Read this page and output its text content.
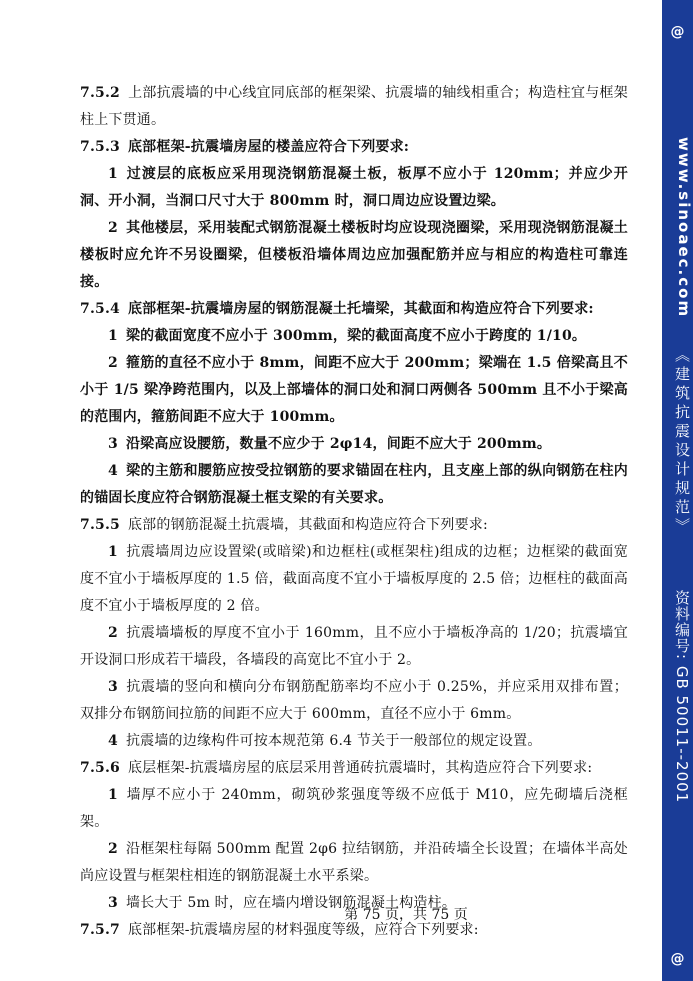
7.5.2 上部抗震墙的中心线宜同底部的框架梁、抗震墙的轴线相重合；构造柱宜与框架柱上下贯通。

7.5.3 底部框架-抗震墙房屋的楼盖应符合下列要求:

1 过渡层的底板应采用现浇钢筋混凝土板，板厚不应小于 120mm；并应少开洞、开小洞，当洞口尺寸大于 800mm 时，洞口周边应设置边梁。

2 其他楼层，采用装配式钢筋混凝土楼板时均应设现浇圈梁，采用现浇钢筋混凝土楼板时应允许不另设圈梁，但楼板沿墙体周边应加强配筋并应与相应的构造柱可靠连接。

7.5.4 底部框架-抗震墙房屋的钢筋混凝土托墙梁，其截面和构造应符合下列要求:

1 梁的截面宽度不应小于 300mm，梁的截面高度不应小于跨度的 1/10。

2 箍筋的直径不应小于 8mm，间距不应大于 200mm；梁端在 1.5 倍梁高且不小于 1/5 梁净跨范围内，以及上部墙体的洞口处和洞口两侧各 500mm 且不小于梁高的范围内，箍筋间距不应大于 100mm。

3 沿梁高应设腰筋，数量不应少于 2φ14，间距不应大于 200mm。

4 梁的主筋和腰筋应按受拉钢筋的要求锚固在柱内，且支座上部的纵向钢筋在柱内的锚固长度应符合钢筋混凝土框支梁的有关要求。

7.5.5 底部的钢筋混凝土抗震墙，其截面和构造应符合下列要求:

1 抗震墙周边应设置梁(或暗梁)和边框柱(或框架柱)组成的边框；边框梁的截面宽度不宜小于墙板厚度的 1.5 倍，截面高度不宜小于墙板厚度的 2.5 倍；边框柱的截面高度不宜小于墙板厚度的 2 倍。

2 抗震墙墙板的厚度不宜小于 160mm，且不应小于墙板净高的 1/20；抗震墙宜开设洞口形成若干墙段，各墙段的高宽比不宜小于 2。

3 抗震墙的竖向和横向分布钢筋配筋率均不应小于 0.25%，并应采用双排布置；双排分布钢筋间拉筋的间距不应大于 600mm，直径不应小于 6mm。

4 抗震墙的边缘构件可按本规范第 6.4 节关于一般部位的规定设置。

7.5.6 底层框架-抗震墙房屋的底层采用普通砖抗震墙时，其构造应符合下列要求:

1 墙厚不应小于 240mm，砌筑砂浆强度等级不应低于 M10，应先砌墙后浇框架。

2 沿框架柱每隔 500mm 配置 2φ6 拉结钢筋，并沿砖墙全长设置；在墙体半高处尚应设置与框架柱相连的钢筋混凝土水平系梁。

3 墙长大于 5m 时，应在墙内增设钢筋混凝土构造柱。

7.5.7 底部框架-抗震墙房屋的材料强度等级，应符合下列要求:

第 75 页，共 75 页
@
www.sinoaec.com
《建筑抗震设计规范》
资料编号: GB 50011--2001
@
